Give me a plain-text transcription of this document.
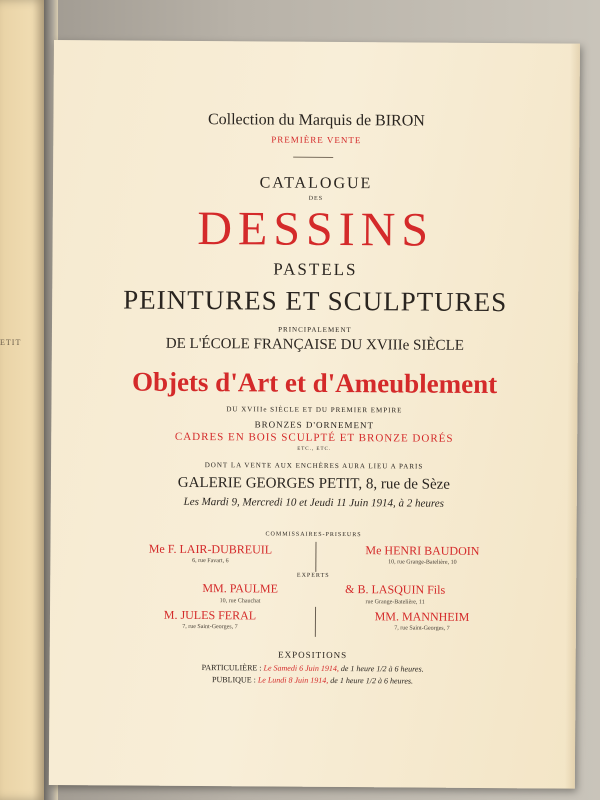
ETIT
Collection du Marquis de BIRON
PREMIÈRE VENTE
CATALOGUE
DES
DESSINS
PASTELS
PEINTURES ET SCULPTURES
PRINCIPALEMENT
DE L'ÉCOLE FRANÇAISE DU XVIIIe SIÈCLE
Objets d'Art et d'Ameublement
DU XVIIIe SIÈCLE ET DU PREMIER EMPIRE
BRONZES D'ORNEMENT
CADRES EN BOIS SCULPTÉ ET BRONZE DORÉS
ETC., ETC.
DONT LA VENTE AUX ENCHÈRES AURA LIEU A PARIS
GALERIE GEORGES PETIT, 8, rue de Sèze
Les Mardi 9, Mercredi 10 et Jeudi 11 Juin 1914, à 2 heures
COMMISSAIRES-PRISEURS
Me F. LAIR-DUBREUIL
6, rue Favart, 6
Me HENRI BAUDOIN
10, rue Grange-Batelière, 10
EXPERTS
MM. PAULME
10, rue Chauchat
& B. LASQUIN Fils
rue Grange-Batelière, 11
M. JULES FERAL
7, rue Saint-Georges, 7
MM. MANNHEIM
7, rue Saint-Georges, 7
EXPOSITIONS
PARTICULIÈRE : Le Samedi 6 Juin 1914, de 1 heure 1/2 à 6 heures.
PUBLIQUE : Le Lundi 8 Juin 1914, de 1 heure 1/2 à 6 heures.
